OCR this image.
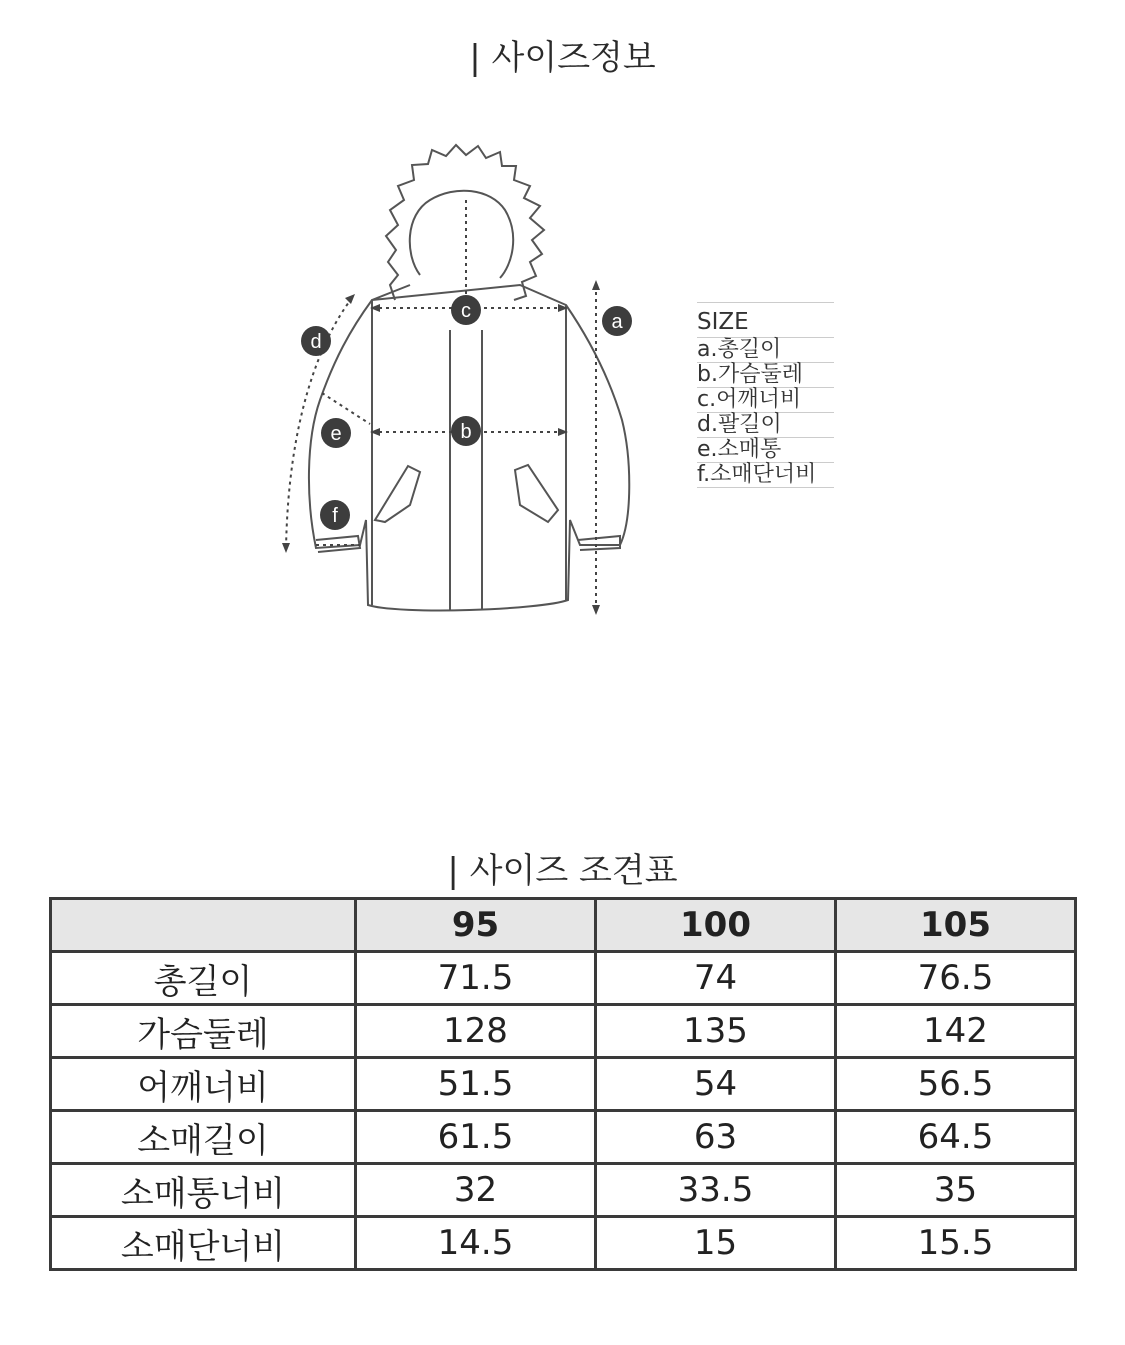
| 사이즈정보
a
b
c
d
e
f
SIZE
a.총길이
b.가슴둘레
c.어깨너비
d.팔길이
e.소매통
f.소매단너비
| 사이즈 조견표
	95	100	105
총길이	71.5	74	76.5
가슴둘레	128	135	142
어깨너비	51.5	54	56.5
소매길이	61.5	63	64.5
소매통너비	32	33.5	35
소매단너비	14.5	15	15.5
